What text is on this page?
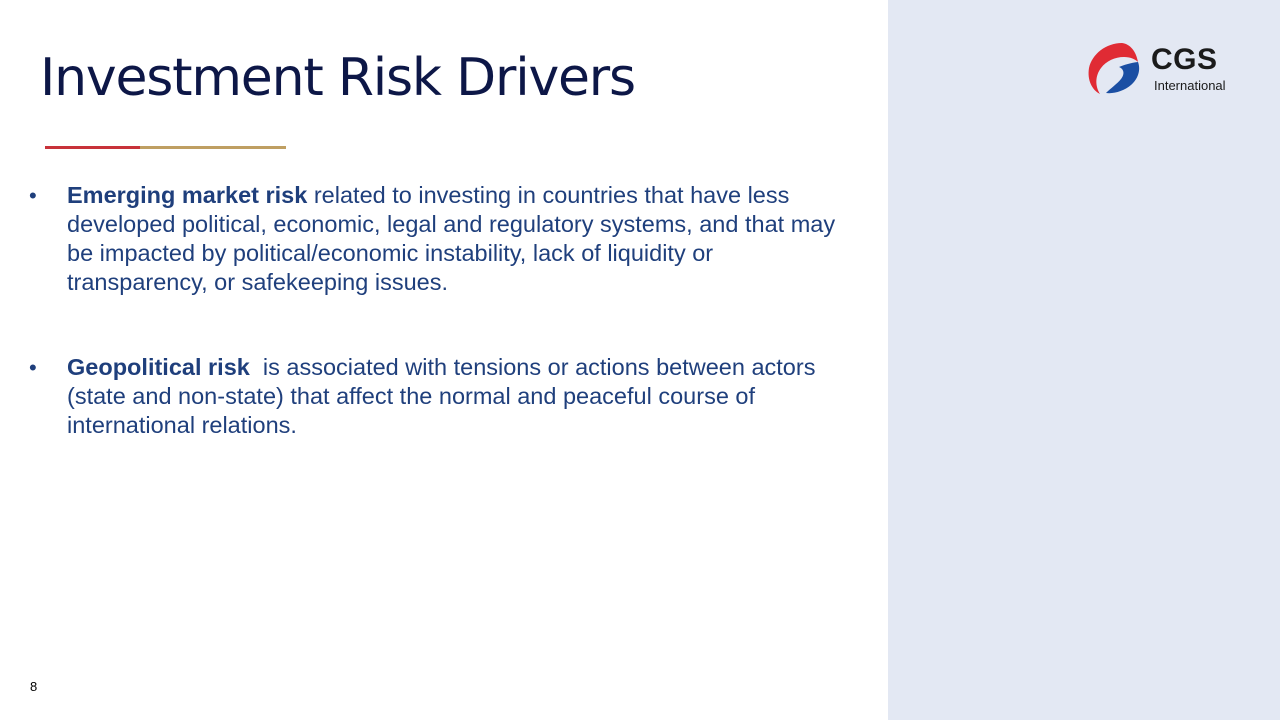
Investment Risk Drivers
• Emerging market risk related to investing in countries that have less developed political, economic, legal and regulatory systems, and that may be impacted by political/economic instability, lack of liquidity or transparency, or safekeeping issues.
• Geopolitical risk  is associated with tensions or actions between actors (state and non-state) that affect the normal and peaceful course of international relations.
8
CGS
International
